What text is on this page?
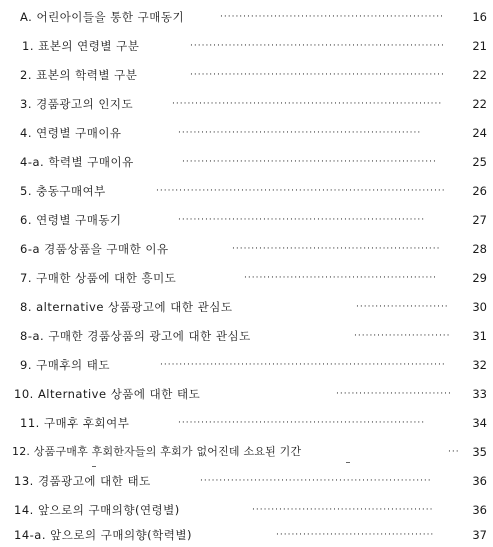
A. 어린아이들을 통한 구매동기	··························································	16
1. 표본의 연령별 구분	··································································	21
2. 표본의 학력별 구분	··································································	22
3. 경품광고의 인지도	······································································	22
4. 연령별 구매이유	·······························································	24
4-a. 학력별 구매이유	··································································	25
5. 충동구매여부	···········································································	26
6. 연령별 구매동기	································································	27
6-a 경품상품을 구매한 이유	······················································	28
7. 구매한 상품에 대한 흥미도	··················································	29
8. alternative 상품광고에 대한 관심도	························	30
8-a. 구매한 경품상품의 광고에 대한 관심도	·························	31
9. 구매후의 태도	··········································································	32
10. Alternative 상품에 대한 태도	······························	33
11. 구매후 후회여부	································································	34
12. 상품구매후 후회한자들의 후회가 없어진데 소요된 기간	···	35
13. 경품광고에 대한 태도	····························································	36
14. 앞으로의 구매의향(연령별)	···············································	36
14-a. 앞으로의 구매의향(학력별)	·········································	37
